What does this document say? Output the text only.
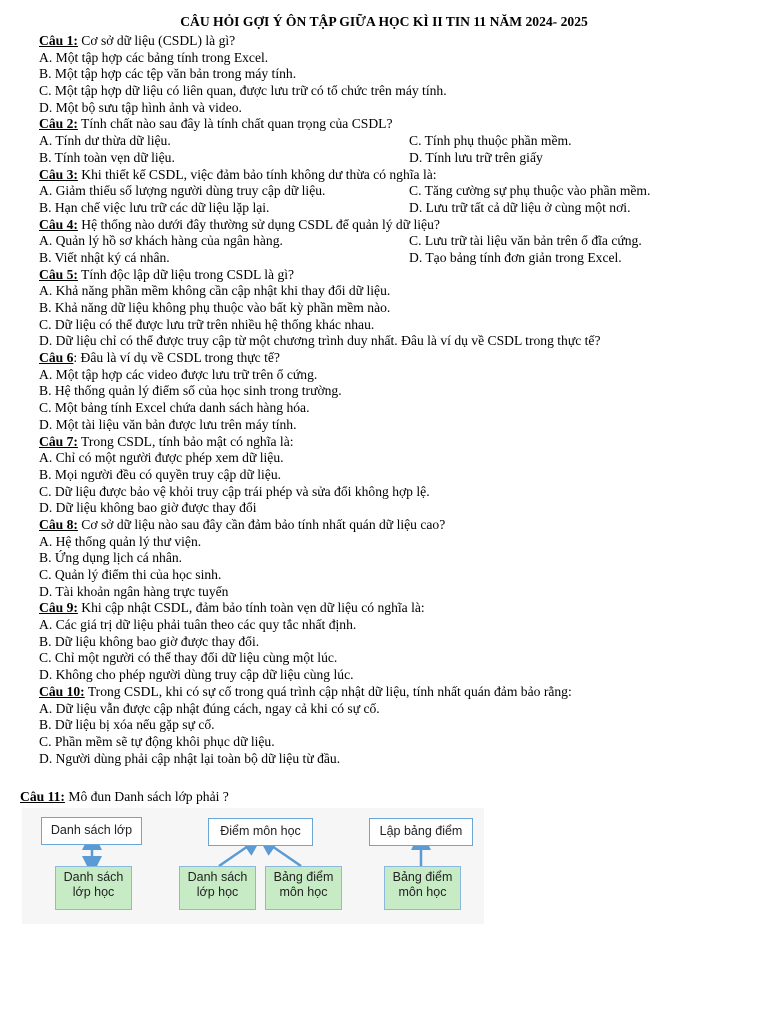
CÂU HỎI GỢI Ý ÔN TẬP GIỮA HỌC KÌ II TIN 11 NĂM 2024- 2025
Câu 1: Cơ sở dữ liệu (CSDL) là gì?
A. Một tập hợp các bảng tính trong Excel.
B. Một tập hợp các tệp văn bản trong máy tính.
C. Một tập hợp dữ liệu có liên quan, được lưu trữ có tổ chức trên máy tính.
D. Một bộ sưu tập hình ảnh và video.
Câu 2: Tính chất nào sau đây là tính chất quan trọng của CSDL?
A. Tính dư thừa dữ liệu.	C. Tính phụ thuộc phần mềm.
B. Tính toàn vẹn dữ liệu.	D. Tính lưu trữ trên giấy
Câu 3: Khi thiết kế CSDL, việc đảm bảo tính không dư thừa có nghĩa là:
A. Giảm thiểu số lượng người dùng truy cập dữ liệu.	C. Tăng cường sự phụ thuộc vào phần mềm.
B. Hạn chế việc lưu trữ các dữ liệu lặp lại.	D. Lưu trữ tất cả dữ liệu ở cùng một nơi.
Câu 4: Hệ thống nào dưới đây thường sử dụng CSDL để quản lý dữ liệu?
A. Quản lý hồ sơ khách hàng của ngân hàng.	C. Lưu trữ tài liệu văn bản trên ổ đĩa cứng.
B. Viết nhật ký cá nhân.	D. Tạo bảng tính đơn giản trong Excel.
Câu 5: Tính độc lập dữ liệu trong CSDL là gì?
A. Khả năng phần mềm không cần cập nhật khi thay đổi dữ liệu.
B. Khả năng dữ liệu không phụ thuộc vào bất kỳ phần mềm nào.
C. Dữ liệu có thể được lưu trữ trên nhiều hệ thống khác nhau.
D. Dữ liệu chỉ có thể được truy cập từ một chương trình duy nhất. Đâu là ví dụ về CSDL trong thực tế?
Câu 6: Đâu là ví dụ về CSDL trong thực tế?
A. Một tập hợp các video được lưu trữ trên ổ cứng.
B. Hệ thống quản lý điểm số của học sinh trong trường.
C. Một bảng tính Excel chứa danh sách hàng hóa.
D. Một tài liệu văn bản được lưu trên máy tính.
Câu 7: Trong CSDL, tính bảo mật có nghĩa là:
A. Chỉ có một người được phép xem dữ liệu.
B. Mọi người đều có quyền truy cập dữ liệu.
C. Dữ liệu được bảo vệ khỏi truy cập trái phép và sửa đổi không hợp lệ.
D. Dữ liệu không bao giờ được thay đổi
Câu 8: Cơ sở dữ liệu nào sau đây cần đảm bảo tính nhất quán dữ liệu cao?
A. Hệ thống quản lý thư viện.
B. Ứng dụng lịch cá nhân.
C. Quản lý điểm thi của học sinh.
D. Tài khoản ngân hàng trực tuyến
Câu 9: Khi cập nhật CSDL, đảm bảo tính toàn vẹn dữ liệu có nghĩa là:
A. Các giá trị dữ liệu phải tuân theo các quy tắc nhất định.
B. Dữ liệu không bao giờ được thay đổi.
C. Chỉ một người có thể thay đổi dữ liệu cùng một lúc.
D. Không cho phép người dùng truy cập dữ liệu cùng lúc.
Câu 10: Trong CSDL, khi có sự cố trong quá trình cập nhật dữ liệu, tính nhất quán đảm bảo rằng:
A. Dữ liệu vẫn được cập nhật đúng cách, ngay cả khi có sự cố.
B. Dữ liệu bị xóa nếu gặp sự cố.
C. Phần mềm sẽ tự động khôi phục dữ liệu.
D. Người dùng phải cập nhật lại toàn bộ dữ liệu từ đầu.
Câu 11: Mô đun Danh sách lớp phải ?
Danh sách lớp	Điểm môn học	Lập bảng điểm
Danh sách lớp học
Danh sách lớp học
Bảng điểm môn học
Bảng điểm môn học
